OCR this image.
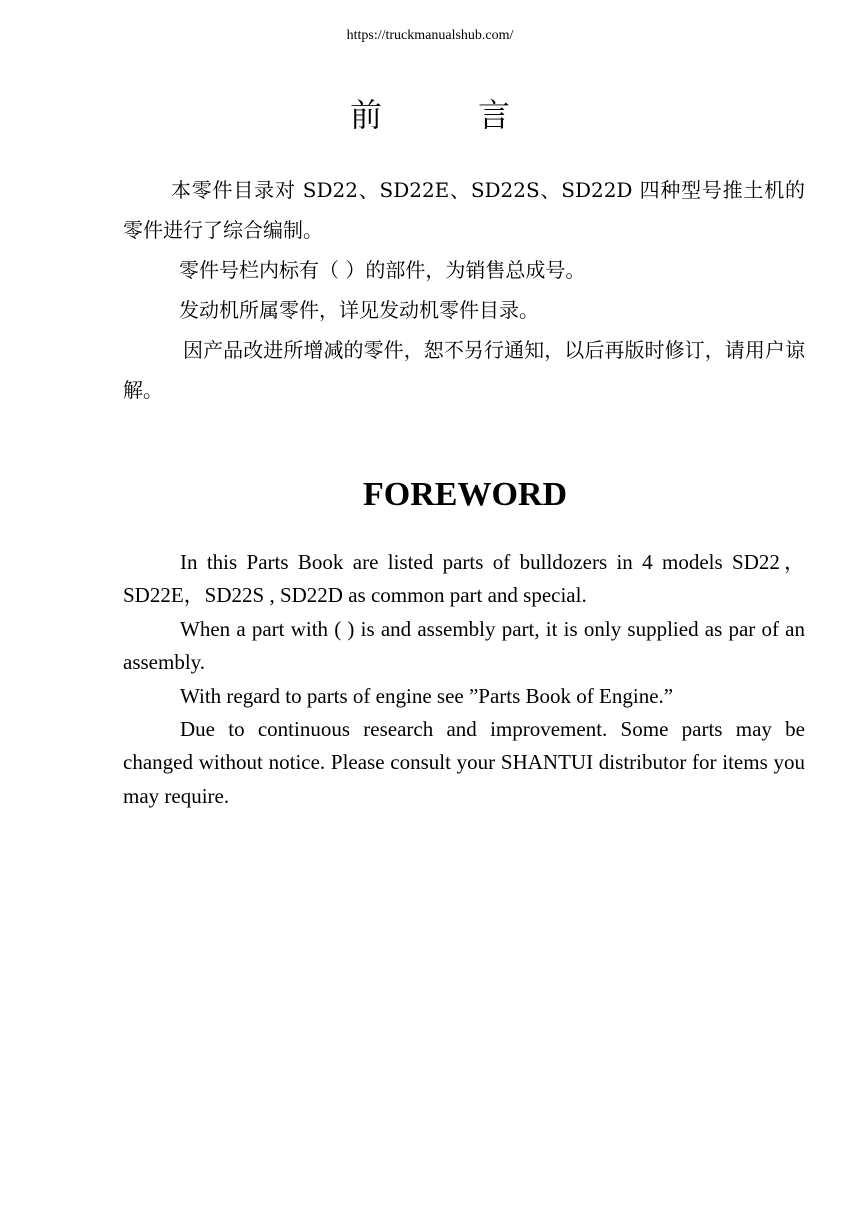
https://truckmanualshub.com/
前	言

本零件目录对 SD22、SD22E、SD22S、SD22D 四种型号推土机的零件进行了综合编制。

零件号栏内标有（ ）的部件，为销售总成号。

发动机所属零件，详见发动机零件目录。

因产品改进所增减的零件，恕不另行通知，以后再版时修订，请用户谅解。

FOREWORD

In this Parts Book are listed parts of bulldozers in 4 models SD22，SD22E，SD22S , SD22D as common part and special.

When a part with ( ) is and assembly part, it is only supplied as par of an assembly.

With regard to parts of engine see ”Parts Book of Engine.”

Due to continuous research and improvement. Some parts may be changed without notice. Please consult your SHANTUI distributor for items you may require.
